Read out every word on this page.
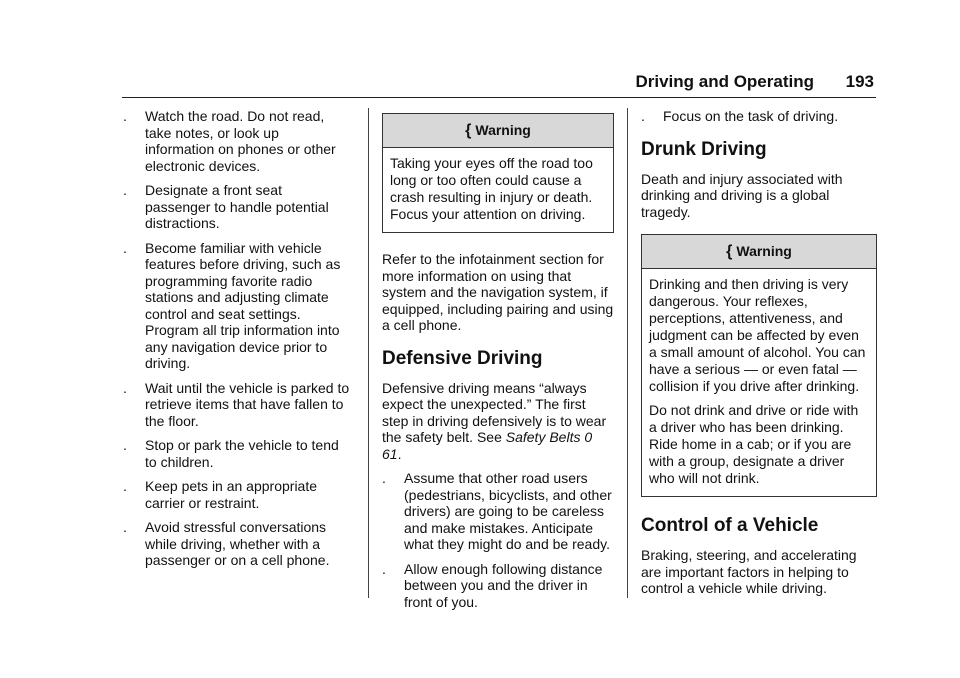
Driving and Operating 193
. Watch the road. Do not read, take notes, or look up information on phones or other electronic devices.
. Designate a front seat passenger to handle potential distractions.
. Become familiar with vehicle features before driving, such as programming favorite radio stations and adjusting climate control and seat settings. Program all trip information into any navigation device prior to driving.
. Wait until the vehicle is parked to retrieve items that have fallen to the floor.
. Stop or park the vehicle to tend to children.
. Keep pets in an appropriate carrier or restraint.
. Avoid stressful conversations while driving, whether with a passenger or on a cell phone.
{ Warning

Taking your eyes off the road too long or too often could cause a crash resulting in injury or death. Focus your attention on driving.

Refer to the infotainment section for more information on using that system and the navigation system, if equipped, including pairing and using a cell phone.

Defensive Driving

Defensive driving means “always expect the unexpected.” The first step in driving defensively is to wear the safety belt. See Safety Belts 0 61.

. Assume that other road users (pedestrians, bicyclists, and other drivers) are going to be careless and make mistakes. Anticipate what they might do and be ready.
. Allow enough following distance between you and the driver in front of you.
. Focus on the task of driving.
Drunk Driving

Death and injury associated with drinking and driving is a global tragedy.

{ Warning

Drinking and then driving is very dangerous. Your reflexes, perceptions, attentiveness, and judgment can be affected by even a small amount of alcohol. You can have a serious — or even fatal — collision if you drive after drinking.

Do not drink and drive or ride with a driver who has been drinking. Ride home in a cab; or if you are with a group, designate a driver who will not drink.

Control of a Vehicle

Braking, steering, and accelerating are important factors in helping to control a vehicle while driving.
